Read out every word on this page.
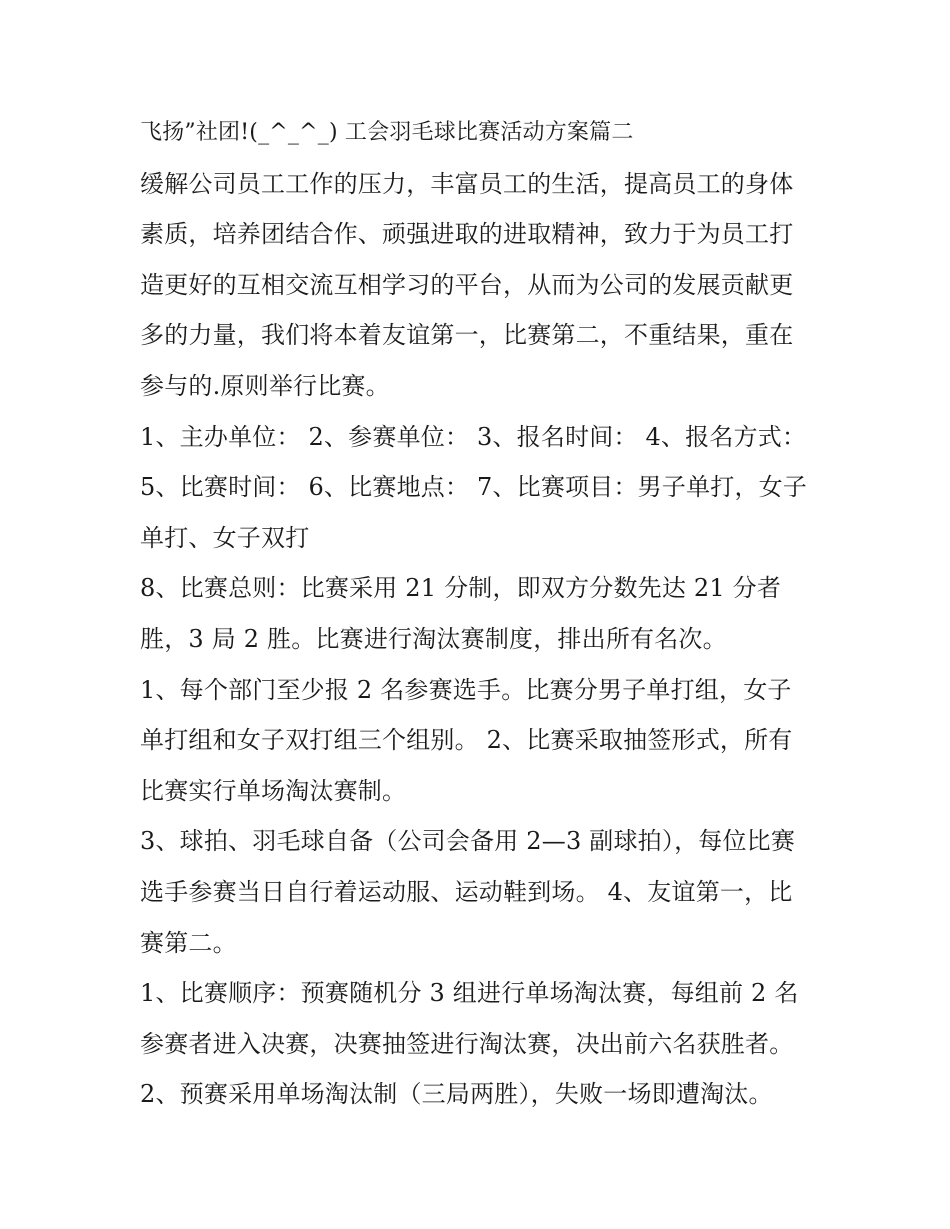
飞扬”社团!(_^_^_) 工会羽毛球比赛活动方案篇二
缓解公司员工工作的压力，丰富员工的生活，提高员工的身体
素质，培养团结合作、顽强进取的进取精神，致力于为员工打
造更好的互相交流互相学习的平台，从而为公司的发展贡献更
多的力量，我们将本着友谊第一，比赛第二，不重结果，重在
参与的.原则举行比赛。
1、主办单位： 2、参赛单位： 3、报名时间： 4、报名方式：
5、比赛时间： 6、比赛地点： 7、比赛项目：男子单打，女子
单打、女子双打
8、比赛总则：比赛采用 21 分制，即双方分数先达 21 分者
胜，3 局 2 胜。比赛进行淘汰赛制度，排出所有名次。
1、每个部门至少报 2 名参赛选手。比赛分男子单打组，女子
单打组和女子双打组三个组别。 2、比赛采取抽签形式，所有
比赛实行单场淘汰赛制。
3、球拍、羽毛球自备（公司会备用 2—3 副球拍），每位比赛
选手参赛当日自行着运动服、运动鞋到场。 4、友谊第一，比
赛第二。
1、比赛顺序：预赛随机分 3 组进行单场淘汰赛，每组前 2 名
参赛者进入决赛，决赛抽签进行淘汰赛，决出前六名获胜者。
2、预赛采用单场淘汰制（三局两胜），失败一场即遭淘汰。
